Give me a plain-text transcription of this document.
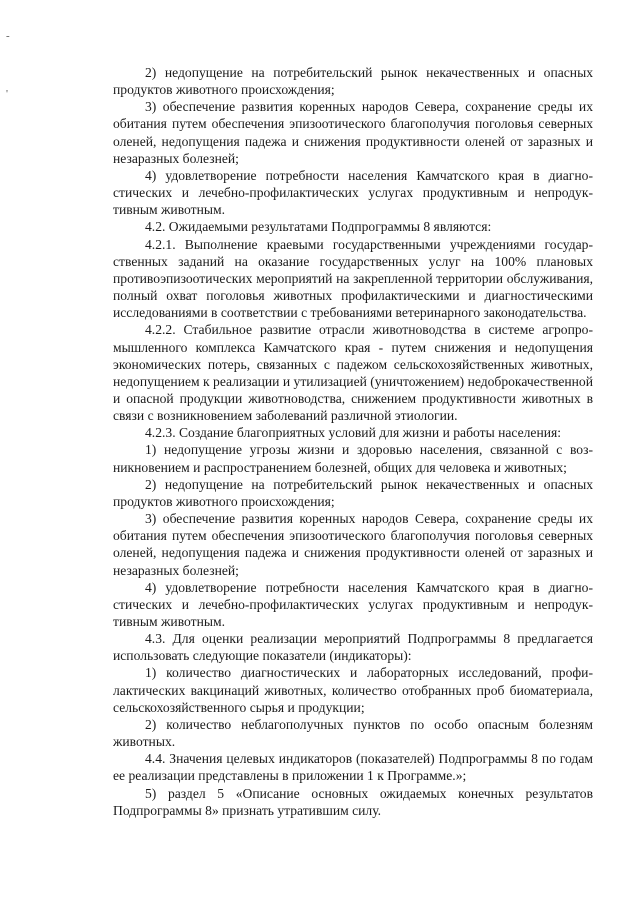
-
'

2) недопущение на потребительский рынок некачественных и опасных продуктов животного происхождения;

3) обеспечение развития коренных народов Севера, сохранение среды их обитания путем обеспечения эпизоотического благополучия поголовья северных оленей, недопущения падежа и снижения продуктивности оленей от заразных и незаразных болезней;

4) удовлетворение потребности населения Камчатского края в диагностических и лечебно-профилактических услугах продуктивным и непродуктивным животным.

4.2. Ожидаемыми результатами Подпрограммы 8 являются:

4.2.1. Выполнение краевыми государственными учреждениями государственных заданий на оказание государственных услуг на 100% плановых противоэпизоотических мероприятий на закрепленной территории обслуживания, полный охват поголовья животных профилактическими и диагностическими исследованиями в соответствии с требованиями ветеринарного законодательства.

4.2.2. Стабильное развитие отрасли животноводства в системе агропромышленного комплекса Камчатского края - путем снижения и недопущения экономических потерь, связанных с падежом сельскохозяйственных животных, недопущением к реализации и утилизацией (уничтожением) недоброкачественной и опасной продукции животноводства, снижением продуктивности животных в связи с возникновением заболеваний различной этиологии.

4.2.3. Создание благоприятных условий для жизни и работы населения:

1) недопущение угрозы жизни и здоровью населения, связанной с возникновением и распространением болезней, общих для человека и животных;

2) недопущение на потребительский рынок некачественных и опасных продуктов животного происхождения;

3) обеспечение развития коренных народов Севера, сохранение среды их обитания путем обеспечения эпизоотического благополучия поголовья северных оленей, недопущения падежа и снижения продуктивности оленей от заразных и незаразных болезней;

4) удовлетворение потребности населения Камчатского края в диагностических и лечебно-профилактических услугах продуктивным и непродуктивным животным.

4.3. Для оценки реализации мероприятий Подпрограммы 8 предлагается использовать следующие показатели (индикаторы):

1) количество диагностических и лабораторных исследований, профилактических вакцинаций животных, количество отобранных проб биоматериала, сельскохозяйственного сырья и продукции;

2) количество неблагополучных пунктов по особо опасным болезням животных.

4.4. Значения целевых индикаторов (показателей) Подпрограммы 8 по годам ее реализации представлены в приложении 1 к Программе.»;

5) раздел 5 «Описание основных ожидаемых конечных результатов Подпрограммы 8» признать утратившим силу.
